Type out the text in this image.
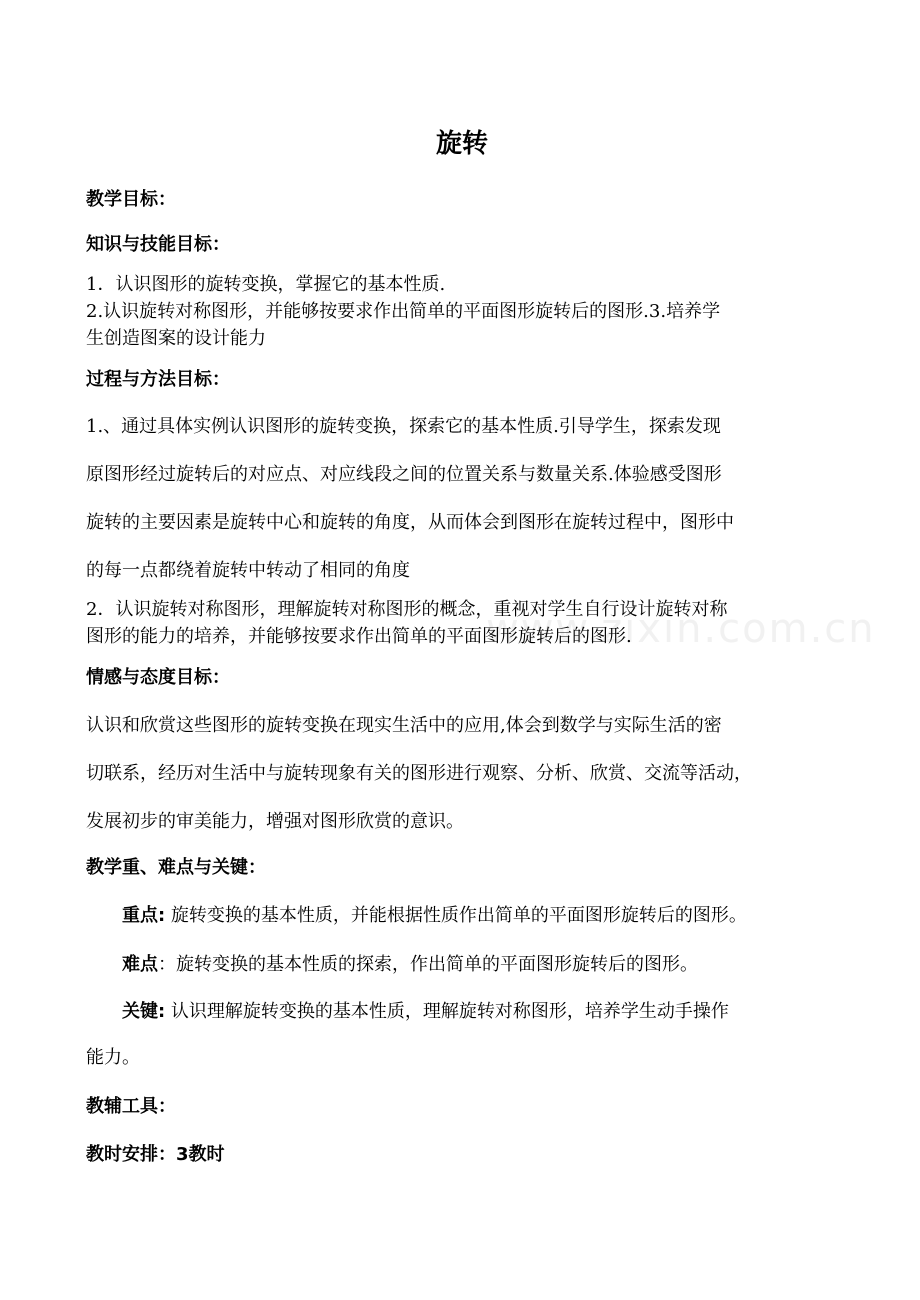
www.zixin.com.cn
旋转
教学目标：
知识与技能目标：
1．认识图形的旋转变换，掌握它的基本性质.
2.认识旋转对称图形，并能够按要求作出简单的平面图形旋转后的图形.3.培养学
生创造图案的设计能力
过程与方法目标：
1.、通过具体实例认识图形的旋转变换，探索它的基本性质.引导学生，探索发现
原图形经过旋转后的对应点、对应线段之间的位置关系与数量关系.体验感受图形
旋转的主要因素是旋转中心和旋转的角度，从而体会到图形在旋转过程中，图形中
的每一点都绕着旋转中转动了相同的角度
2．认识旋转对称图形，理解旋转对称图形的概念，重视对学生自行设计旋转对称
图形的能力的培养，并能够按要求作出简单的平面图形旋转后的图形.
情感与态度目标：
认识和欣赏这些图形的旋转变换在现实生活中的应用,体会到数学与实际生活的密
切联系，经历对生活中与旋转现象有关的图形进行观察、分析、欣赏、交流等活动，
发展初步的审美能力，增强对图形欣赏的意识。
教学重、难点与关键：
重点: 旋转变换的基本性质，并能根据性质作出简单的平面图形旋转后的图形。
难点：旋转变换的基本性质的探索，作出简单的平面图形旋转后的图形。
关键: 认识理解旋转变换的基本性质，理解旋转对称图形，培养学生动手操作
能力。
教辅工具：
教时安排：3教时
